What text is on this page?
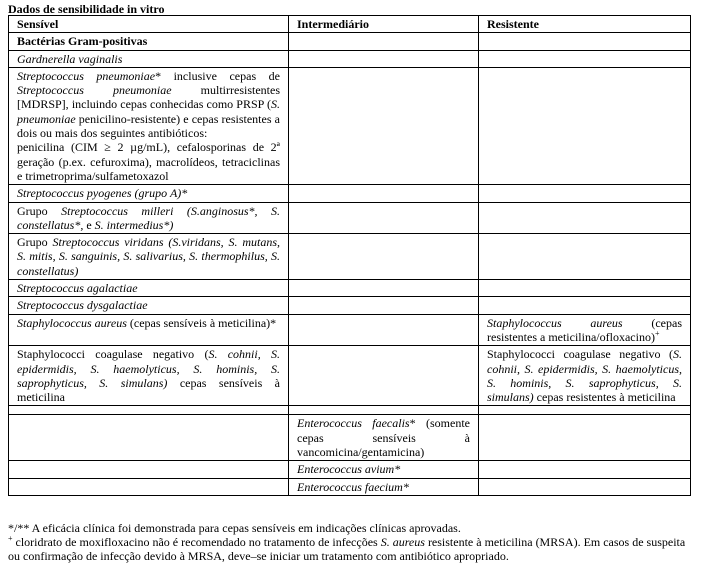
Dados de sensibilidade in vitro
Sensível	Intermediário	Resistente
Bactérias Gram-positivas		
Gardnerella vaginalis		
Streptococcus pneumoniae* inclusive cepas de Streptococcus pneumoniae multirresistentes [MDRSP], incluindo cepas conhecidas como PRSP (S. pneumoniae penicilino-resistente) e cepas resistentes a dois ou mais dos seguintes antibióticos:
penicilina (CIM ≥ 2 µg/mL), cefalosporinas de 2ª geração (p.ex. cefuroxima), macrolídeos, tetraciclinas e trimetroprima/sulfametoxazol		
Streptococcus pyogenes (grupo A)*		
Grupo Streptococcus milleri (S.anginosus*, S. constellatus*, e S. intermedius*)		
Grupo Streptococcus viridans (S.viridans, S. mutans, S. mitis, S. sanguinis, S. salivarius, S. thermophilus, S. constellatus)		
Streptococcus agalactiae		
Streptococcus dysgalactiae		
Staphylococcus aureus (cepas sensíveis à meticilina)*		Staphylococcus aureus (cepas resistentes a meticilina/ofloxacino)+
Staphylococci coagulase negativo (S. cohnii, S. epidermidis, S. haemolyticus, S. hominis, S. saprophyticus, S. simulans) cepas sensíveis à meticilina		Staphylococci coagulase negativo (S. cohnii, S. epidermidis, S. haemolyticus, S. hominis, S. saprophyticus, S. simulans) cepas resistentes à meticilina

	Enterococcus faecalis* (somente cepas sensíveis à vancomicina/gentamicina)	
	Enterococcus avium*	
	Enterococcus faecium*	
*/** A eficácia clínica foi demonstrada para cepas sensíveis em indicações clínicas aprovadas.
+ cloridrato de moxifloxacino não é recomendado no tratamento de infecções S. aureus resistente à meticilina (MRSA). Em casos de suspeita ou confirmação de infecção devido à MRSA, deve–se iniciar um tratamento com antibiótico apropriado.
